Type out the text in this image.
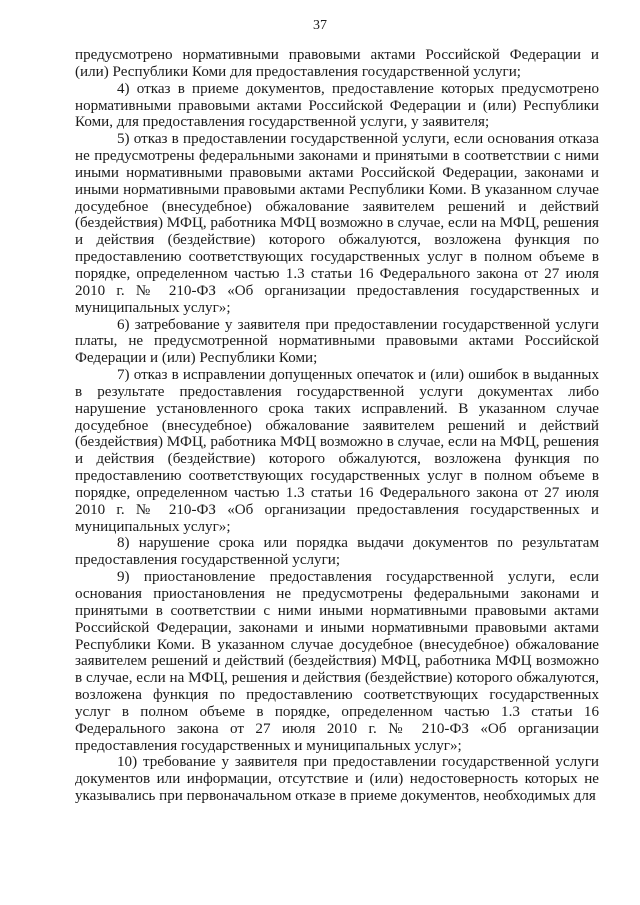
37

предусмотрено нормативными правовыми актами Российской Федерации и (или) Республики Коми для предоставления государственной услуги;

4) отказ в приеме документов, предоставление которых предусмотрено нормативными правовыми актами Российской Федерации и (или) Республики Коми, для предоставления государственной услуги, у заявителя;

5) отказ в предоставлении государственной услуги, если основания отказа не предусмотрены федеральными законами и принятыми в соответствии с ними иными нормативными правовыми актами Российской Федерации, законами и иными нормативными правовыми актами Республики Коми. В указанном случае досудебное (внесудебное) обжалование заявителем решений и действий (бездействия) МФЦ, работника МФЦ возможно в случае, если на МФЦ, решения и действия (бездействие) которого обжалуются, возложена функция по предоставлению соответствующих государственных услуг в полном объеме в порядке, определенном частью 1.3 статьи 16 Федерального закона от 27 июля 2010 г. № 210-ФЗ «Об организации предоставления государственных и муниципальных услуг»;

6) затребование у заявителя при предоставлении государственной услуги платы, не предусмотренной нормативными правовыми актами Российской Федерации и (или) Республики Коми;

7) отказ в исправлении допущенных опечаток и (или) ошибок в выданных в результате предоставления государственной услуги документах либо нарушение установленного срока таких исправлений. В указанном случае досудебное (внесудебное) обжалование заявителем решений и действий (бездействия) МФЦ, работника МФЦ возможно в случае, если на МФЦ, решения и действия (бездействие) которого обжалуются, возложена функция по предоставлению соответствующих государственных услуг в полном объеме в порядке, определенном частью 1.3 статьи 16 Федерального закона от 27 июля 2010 г. № 210-ФЗ «Об организации предоставления государственных и муниципальных услуг»;

8) нарушение срока или порядка выдачи документов по результатам предоставления государственной услуги;

9) приостановление предоставления государственной услуги, если основания приостановления не предусмотрены федеральными законами и принятыми в соответствии с ними иными нормативными правовыми актами Российской Федерации, законами и иными нормативными правовыми актами Республики Коми. В указанном случае досудебное (внесудебное) обжалование заявителем решений и действий (бездействия) МФЦ, работника МФЦ возможно в случае, если на МФЦ, решения и действия (бездействие) которого обжалуются, возложена функция по предоставлению соответствующих государственных услуг в полном объеме в порядке, определенном частью 1.3 статьи 16 Федерального закона от 27 июля 2010 г. № 210-ФЗ «Об организации предоставления государственных и муниципальных услуг»;

10) требование у заявителя при предоставлении государственной услуги документов или информации, отсутствие и (или) недостоверность которых не указывались при первоначальном отказе в приеме документов, необходимых для
